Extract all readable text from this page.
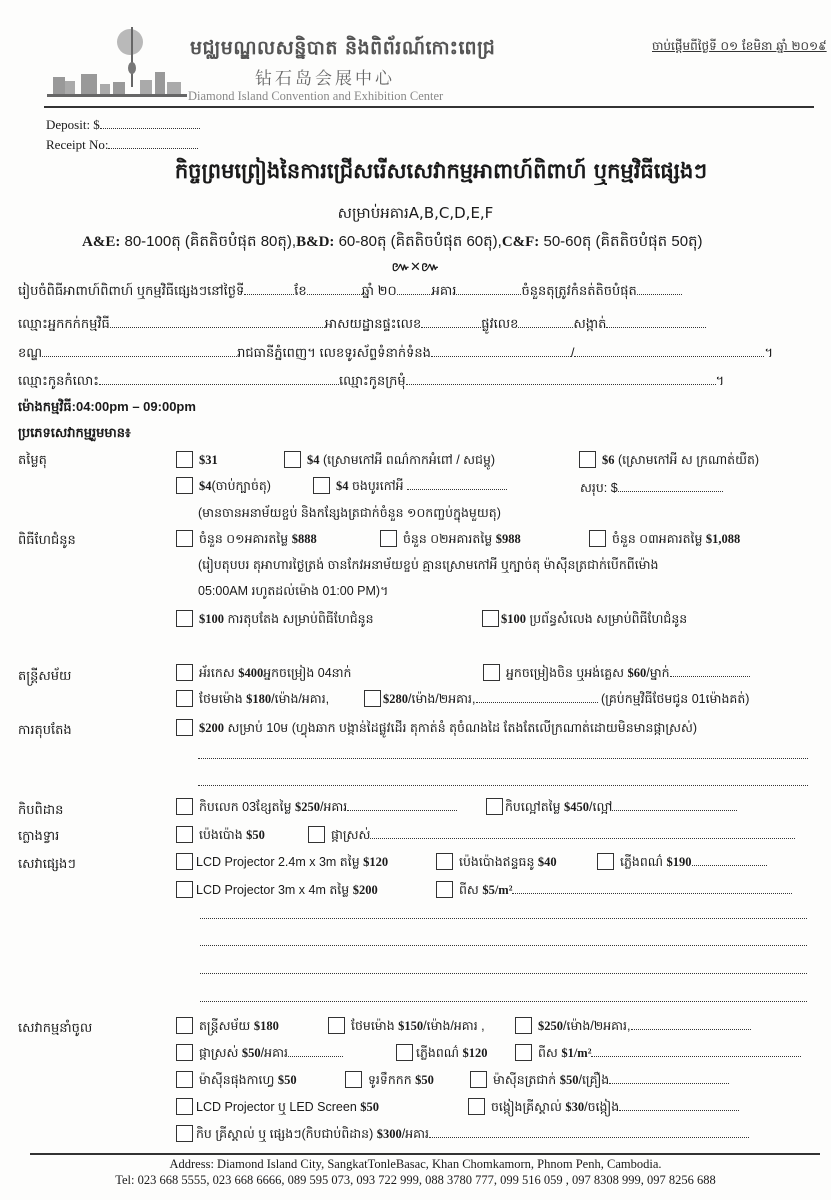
មជ្ឈមណ្ឌលសន្និបាត និងពិព័រណ៍កោះពេជ្រ
钻石岛会展中心
Diamond Island Convention and Exhibition Center
ចាប់ផ្តើមពីថ្ងៃទី ០១ ខែមិនា ឆ្នាំ ២០១៩
Deposit: $
Receipt No:
កិច្ចព្រមព្រៀងនៃការជ្រើសរើសសេវាកម្មអាពាហ៍ពិពាហ៍ ឬកម្មវិធីផ្សេងៗ
សម្រាប់អគារA,B,C,D,E,F
A&E: 80-100តុ (គិតតិចបំផុត 80តុ),B&D: 60-80តុ (គិតតិចបំផុត 60តុ),C&F: 50-60តុ (គិតតិចបំផុត 50តុ)
៚✕៚
រៀបចំពិធីអាពាហ៍ពិពាហ៍ ឬកម្មវិធីផ្សេងៗនៅថ្ងៃទី	ខែ	ឆ្នាំ ២០	អគារ	ចំនួនតុត្រូវកំនត់តិចបំផុត
ឈ្មោះអ្នកកក់កម្មវិធី	អាសយដ្ឋានផ្ទះលេខ	ផ្លូវលេខ	សង្កាត់
ខណ្ឌ	រាជធានីភ្នំពេញ។ លេខទូរស័ព្ទទំនាក់ទំនង	/	។
ឈ្មោះកូនកំលោះ	ឈ្មោះកូនក្រមុំ	។
ម៉ោងកម្មវិធី:04:00pm – 09:00pm
ប្រភេទសេវាកម្មរួមមាន៖
តម្លៃតុ	$31	$4 (ស្រោមកៅអី ពណ៌កាកអំពៅ / សជម្ពូ)	$6 (ស្រោមកៅអី ស ក្រណាត់យឺត)
$4(ចាប់ក្បាច់តុ)	$4 ចងបូរកៅអី	សរុប: $
(មានចានអនាម័យខ្ចប់ និងកន្សែងត្រជាក់ចំនួន ១០កញ្ចប់ក្នុងមួយតុ)
ពិធីហែជំនូន	ចំនួន ០១អគារតម្លៃ $888	ចំនួន ០២អគារតម្លៃ $988	ចំនួន ០៣អគារតម្លៃ $1,088
(រៀបតុបបរ តុអាហារថ្ងៃត្រង់ ចានកែវអនាម័យខ្ចប់ គ្មានស្រោមកៅអី ឬក្បាច់តុ ម៉ាស៊ីនត្រជាក់បើកពីម៉ោង
05:00AM រហូតដល់ម៉ោង 01:00 PM)។
$100 ការតុបតែង សម្រាប់ពិធីហែជំនូន	$100 ប្រព័ន្ធសំលេង សម្រាប់ពិធីហែជំនូន
តន្ត្រីសម័យ	អ័រកេស $400អ្នកចម្រៀង 04នាក់	អ្នកចម្រៀងចិន ឬអង់គ្លេស $60/ម្នាក់
ថែមម៉ោង $180/ម៉ោង/អគារ,	$280/ម៉ោង/២អគារ,	(គ្រប់កម្មវិធីថែមជូន 01ម៉ោងគត់)
ការតុបតែង	$200 សម្រាប់ 10ម (ហ្វុងឆាក បង្កាន់ដៃផ្លូវដើរ តុកាត់នំ តុចំណងដៃ តែងតែលើក្រណាត់ដោយមិនមានផ្កាស្រស់)
កិបពិដាន	កិបលេក 03ខ្សែតម្លៃ $250/អគារ	កិបល្អៅតម្លៃ $450/ល្អៅ
ក្លោងទ្វារ	ប៉េងប៉ោង $50	ផ្កាស្រស់
សេវាផ្សេងៗ	LCD Projector 2.4m x 3m តម្លៃ $120	ប៉េងប៉ោងឥន្ទធនូ $40	ភ្លើងពណ៌ $190
LCD Projector 3m x 4m តម្លៃ $200	ពីស $5/m²
សេវាកម្មនាំចូល	តន្ត្រីសម័យ $180	ថែមម៉ោង $150/ម៉ោង/អគារ ,	$250/ម៉ោង/២អគារ,
ផ្កាស្រស់ $50/អគារ	ភ្លើងពណ៌ $120	ពីស $1/m²
ម៉ាស៊ីនផុងកាហ្វេ $50	ទូរទឹកកក $50	ម៉ាស៊ីនត្រជាក់ $50/គ្រឿង
LCD Projector ឬ LED Screen $50	ចង្កៀងគ្រីស្តាល់ $30/ចង្កៀង
កិប គ្រីស្តាល់ ឬ ផ្សេងៗ(កិបជាប់ពិដាន) $300/អគារ
Address: Diamond Island City, SangkatTonleBasac, Khan Chomkamorn, Phnom Penh, Cambodia.
Tel: 023 668 5555, 023 668 6666, 089 595 073, 093 722 999, 088 3780 777, 099 516 059 , 097 8308 999, 097 8256 688
